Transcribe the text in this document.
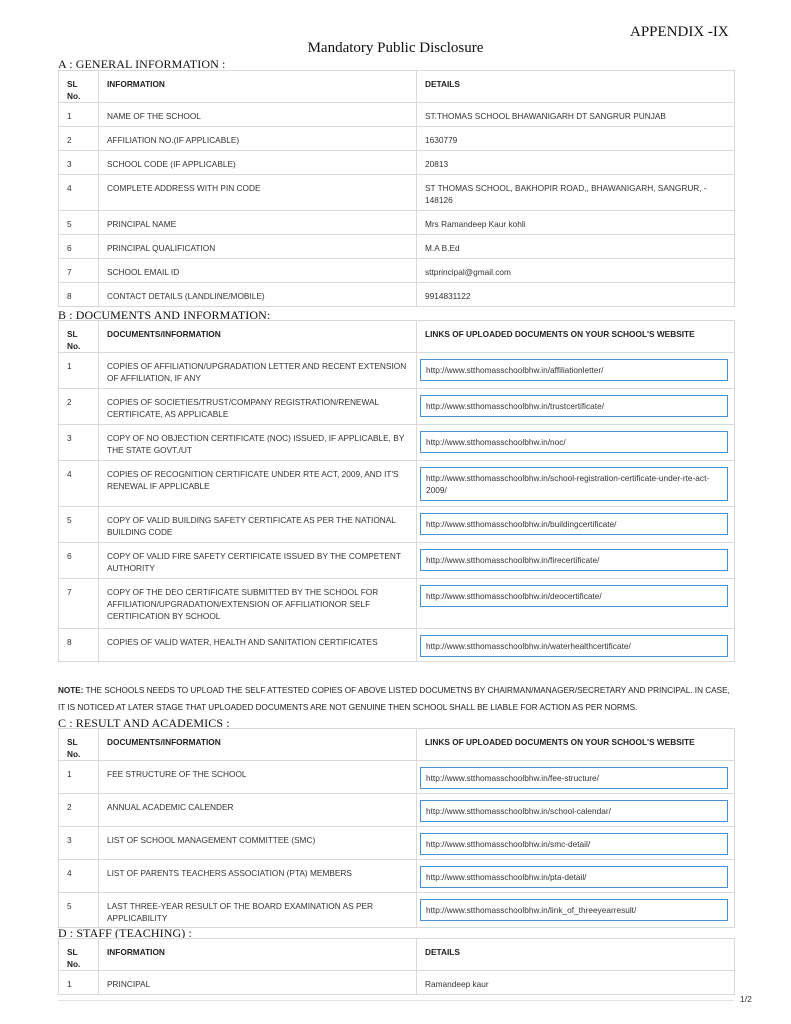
APPENDIX -IX
Mandatory Public Disclosure
A : GENERAL INFORMATION :
SL No.	INFORMATION	DETAILS
1	NAME OF THE SCHOOL	ST.THOMAS SCHOOL BHAWANIGARH DT SANGRUR PUNJAB
2	AFFILIATION NO.(IF APPLICABLE)	1630779
3	SCHOOL CODE (IF APPLICABLE)	20813
4	COMPLETE ADDRESS WITH PIN CODE	ST THOMAS SCHOOL, BAKHOPIR ROAD,, BHAWANIGARH, SANGRUR, - 148126
5	PRINCIPAL NAME	Mrs Ramandeep Kaur kohli
6	PRINCIPAL QUALIFICATION	M.A B.Ed
7	SCHOOL EMAIL ID	sttprincipal@gmail.com
8	CONTACT DETAILS (LANDLINE/MOBILE)	9914831122
B : DOCUMENTS AND INFORMATION:
SL No.	DOCUMENTS/INFORMATION	LINKS OF UPLOADED DOCUMENTS ON YOUR SCHOOL'S WEBSITE
1	COPIES OF AFFILIATION/UPGRADATION LETTER AND RECENT EXTENSION OF AFFILIATION, IF ANY	http://www.stthomasschoolbhw.in/affiliationletter/

2	COPIES OF SOCIETIES/TRUST/COMPANY REGISTRATION/RENEWAL CERTIFICATE, AS APPLICABLE	http://www.stthomasschoolbhw.in/trustcertificate/

3	COPY OF NO OBJECTION CERTIFICATE (NOC) ISSUED, IF APPLICABLE, BY THE STATE GOVT./UT	http://www.stthomasschoolbhw.in/noc/

4	COPIES OF RECOGNITION CERTIFICATE UNDER RTE ACT, 2009, AND IT'S RENEWAL IF APPLICABLE	http://www.stthomasschoolbhw.in/school-registration-certificate-under-rte-act-2009/

5	COPY OF VALID BUILDING SAFETY CERTIFICATE AS PER THE NATIONAL BUILDING CODE	http://www.stthomasschoolbhw.in/buildingcertificate/

6	COPY OF VALID FIRE SAFETY CERTIFICATE ISSUED BY THE COMPETENT AUTHORITY	http://www.stthomasschoolbhw.in/firecertificate/

7	COPY OF THE DEO CERTIFICATE SUBMITTED BY THE SCHOOL FOR AFFILIATION/UPGRADATION/EXTENSION OF AFFILIATIONOR SELF CERTIFICATION BY SCHOOL	http://www.stthomasschoolbhw.in/deocertificate/

8	COPIES OF VALID WATER, HEALTH AND SANITATION CERTIFICATES	http://www.stthomasschoolbhw.in/waterhealthcertificate/
NOTE: THE SCHOOLS NEEDS TO UPLOAD THE SELF ATTESTED COPIES OF ABOVE LISTED DOCUMETNS BY CHAIRMAN/MANAGER/SECRETARY AND PRINCIPAL. IN CASE, IT IS NOTICED AT LATER STAGE THAT UPLOADED DOCUMENTS ARE NOT GENUINE THEN SCHOOL SHALL BE LIABLE FOR ACTION AS PER NORMS.
C : RESULT AND ACADEMICS :
SL No.	DOCUMENTS/INFORMATION	LINKS OF UPLOADED DOCUMENTS ON YOUR SCHOOL'S WEBSITE
1	FEE STRUCTURE OF THE SCHOOL	http://www.stthomasschoolbhw.in/fee-structure/

2	ANNUAL ACADEMIC CALENDER	http://www.stthomasschoolbhw.in/school-calendar/

3	LIST OF SCHOOL MANAGEMENT COMMITTEE (SMC)	http://www.stthomasschoolbhw.in/smc-detail/

4	LIST OF PARENTS TEACHERS ASSOCIATION (PTA) MEMBERS	http://www.stthomasschoolbhw.in/pta-detail/

5	LAST THREE-YEAR RESULT OF THE BOARD EXAMINATION AS PER APPLICABILITY	http://www.stthomasschoolbhw.in/link_of_threeyearresult/
D : STAFF (TEACHING) :
SL No.	INFORMATION	DETAILS
1	PRINCIPAL	Ramandeep kaur
1/2
